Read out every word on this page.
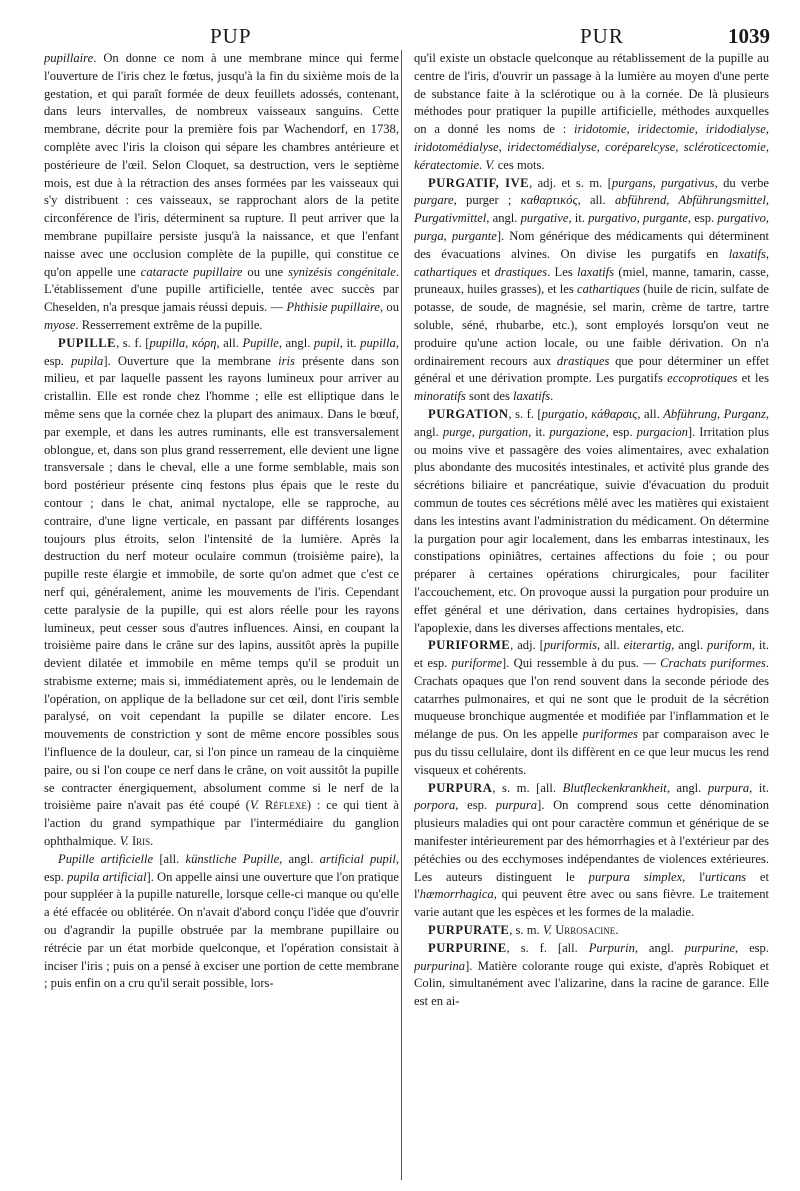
PUP	PUR	1039

pupillaire. On donne ce nom à une membrane mince qui ferme l'ouverture de l'iris chez le fœtus, jusqu'à la fin du sixième mois de la gestation, et qui paraît formée de deux feuillets adossés, contenant, dans leurs intervalles, de nombreux vaisseaux sanguins. Cette membrane, décrite pour la première fois par Wachendorf, en 1738, complète avec l'iris la cloison qui sépare les chambres antérieure et postérieure de l'œil. Selon Cloquet, sa destruction, vers le septième mois, est due à la rétraction des anses formées par les vaisseaux qui s'y distribuent : ces vaisseaux, se rapprochant alors de la petite circonférence de l'iris, déterminent sa rupture. Il peut arriver que la membrane pupillaire persiste jusqu'à la naissance, et que l'enfant naisse avec une occlusion complète de la pupille, qui constitue ce qu'on appelle une cataracte pupillaire ou une synizésis congénitale. L'établissement d'une pupille artificielle, tentée avec succès par Cheselden, n'a presque jamais réussi depuis. — Phthisie pupillaire, ou myose. Resserrement extrême de la pupille.

PUPILLE, s. f. [pupilla, κόρη, all. Pupille, angl. pupil, it. pupilla, esp. pupila]. Ouverture que la membrane iris présente dans son milieu, et par laquelle passent les rayons lumineux pour arriver au cristallin. Elle est ronde chez l'homme ; elle est elliptique dans le même sens que la cornée chez la plupart des animaux. Dans le bœuf, par exemple, et dans les autres ruminants, elle est transversalement oblongue, et, dans son plus grand resserrement, elle devient une ligne transversale ; dans le cheval, elle a une forme semblable, mais son bord postérieur présente cinq festons plus épais que le reste du contour ; dans le chat, animal nyctalope, elle se rapproche, au contraire, d'une ligne verticale, en passant par différents losanges toujours plus étroits, selon l'intensité de la lumière. Après la destruction du nerf moteur oculaire commun (troisième paire), la pupille reste élargie et immobile, de sorte qu'on admet que c'est ce nerf qui, généralement, anime les mouvements de l'iris. Cependant cette paralysie de la pupille, qui est alors réelle pour les rayons lumineux, peut cesser sous d'autres influences. Ainsi, en coupant la troisième paire dans le crâne sur des lapins, aussitôt après la pupille devient dilatée et immobile en même temps qu'il se produit un strabisme externe; mais si, immédiatement après, ou le lendemain de l'opération, on applique de la belladone sur cet œil, dont l'iris semble paralysé, on voit cependant la pupille se dilater encore. Les mouvements de constriction y sont de même encore possibles sous l'influence de la douleur, car, si l'on pince un rameau de la cinquième paire, ou si l'on coupe ce nerf dans le crâne, on voit aussitôt la pupille se contracter énergiquement, absolument comme si le nerf de la troisième paire n'avait pas été coupé (V. Réflexe) : ce qui tient à l'action du grand sympathique par l'intermédiaire du ganglion ophthalmique. V. Iris.

Pupille artificielle [all. künstliche Pupille, angl. artificial pupil, esp. pupila artificial]. On appelle ainsi une ouverture que l'on pratique pour suppléer à la pupille naturelle, lorsque celle-ci manque ou qu'elle a été effacée ou oblitérée. On n'avait d'abord conçu l'idée que d'ouvrir ou d'agrandir la pupille obstruée par la membrane pupillaire ou rétrécie par un état morbide quelconque, et l'opération consistait à inciser l'iris ; puis on a pensé à exciser une portion de cette membrane ; puis enfin on a cru qu'il serait possible, lors-

qu'il existe un obstacle quelconque au rétablissement de la pupille au centre de l'iris, d'ouvrir un passage à la lumière au moyen d'une perte de substance faite à la sclérotique ou à la cornée. De là plusieurs méthodes pour pratiquer la pupille artificielle, méthodes auxquelles on a donné les noms de : iridotomie, iridectomie, iridodialyse, iridotomédialyse, iridectomédialyse, coréparelcyse, scléroticectomie, kératectomie. V. ces mots.

PURGATIF, IVE, adj. et s. m. [purgans, purgativus, du verbe purgare, purger ; καθαρτικός, all. abführend, Abführungsmittel, Purgativmittel, angl. purgative, it. purgativo, purgante, esp. purgativo, purga, purgante]. Nom générique des médicaments qui déterminent des évacuations alvines. On divise les purgatifs en laxatifs, cathartiques et drastiques. Les laxatifs (miel, manne, tamarin, casse, pruneaux, huiles grasses), et les cathartiques (huile de ricin, sulfate de potasse, de soude, de magnésie, sel marin, crème de tartre, tartre soluble, séné, rhubarbe, etc.), sont employés lorsqu'on veut ne produire qu'une action locale, ou une faible dérivation. On n'a ordinairement recours aux drastiques que pour déterminer un effet général et une dérivation prompte. Les purgatifs eccoprotiques et les minoratifs sont des laxatifs.

PURGATION, s. f. [purgatio, κάθαρσις, all. Abführung, Purganz, angl. purge, purgation, it. purgazione, esp. purgacion]. Irritation plus ou moins vive et passagère des voies alimentaires, avec exhalation plus abondante des mucosités intestinales, et activité plus grande des sécrétions biliaire et pancréatique, suivie d'évacuation du produit commun de toutes ces sécrétions mêlé avec les matières qui existaient dans les intestins avant l'administration du médicament. On détermine la purgation pour agir localement, dans les embarras intestinaux, les constipations opiniâtres, certaines affections du foie ; ou pour préparer à certaines opérations chirurgicales, pour faciliter l'accouchement, etc. On provoque aussi la purgation pour produire un effet général et une dérivation, dans certaines hydropisies, dans l'apoplexie, dans les diverses affections mentales, etc.

PURIFORME, adj. [puriformis, all. eiterartig, angl. puriform, it. et esp. puriforme]. Qui ressemble à du pus. — Crachats puriformes. Crachats opaques que l'on rend souvent dans la seconde période des catarrhes pulmonaires, et qui ne sont que le produit de la sécrétion muqueuse bronchique augmentée et modifiée par l'inflammation et le mélange de pus. On les appelle puriformes par comparaison avec le pus du tissu cellulaire, dont ils diffèrent en ce que leur mucus les rend visqueux et cohérents.

PURPURA, s. m. [all. Blutfleckenkrankheit, angl. purpura, it. porpora, esp. purpura]. On comprend sous cette dénomination plusieurs maladies qui ont pour caractère commun et générique de se manifester intérieurement par des hémorrhagies et à l'extérieur par des pétéchies ou des ecchymoses indépendantes de violences extérieures. Les auteurs distinguent le purpura simplex, l'urticans et l'hæmorrhagica, qui peuvent être avec ou sans fièvre. Le traitement varie autant que les espèces et les formes de la maladie.

PURPURATE, s. m. V. Urrosacine.

PURPURINE, s. f. [all. Purpurin, angl. purpurine, esp. purpurina]. Matière colorante rouge qui existe, d'après Robiquet et Colin, simultanément avec l'alizarine, dans la racine de garance. Elle est en ai-
